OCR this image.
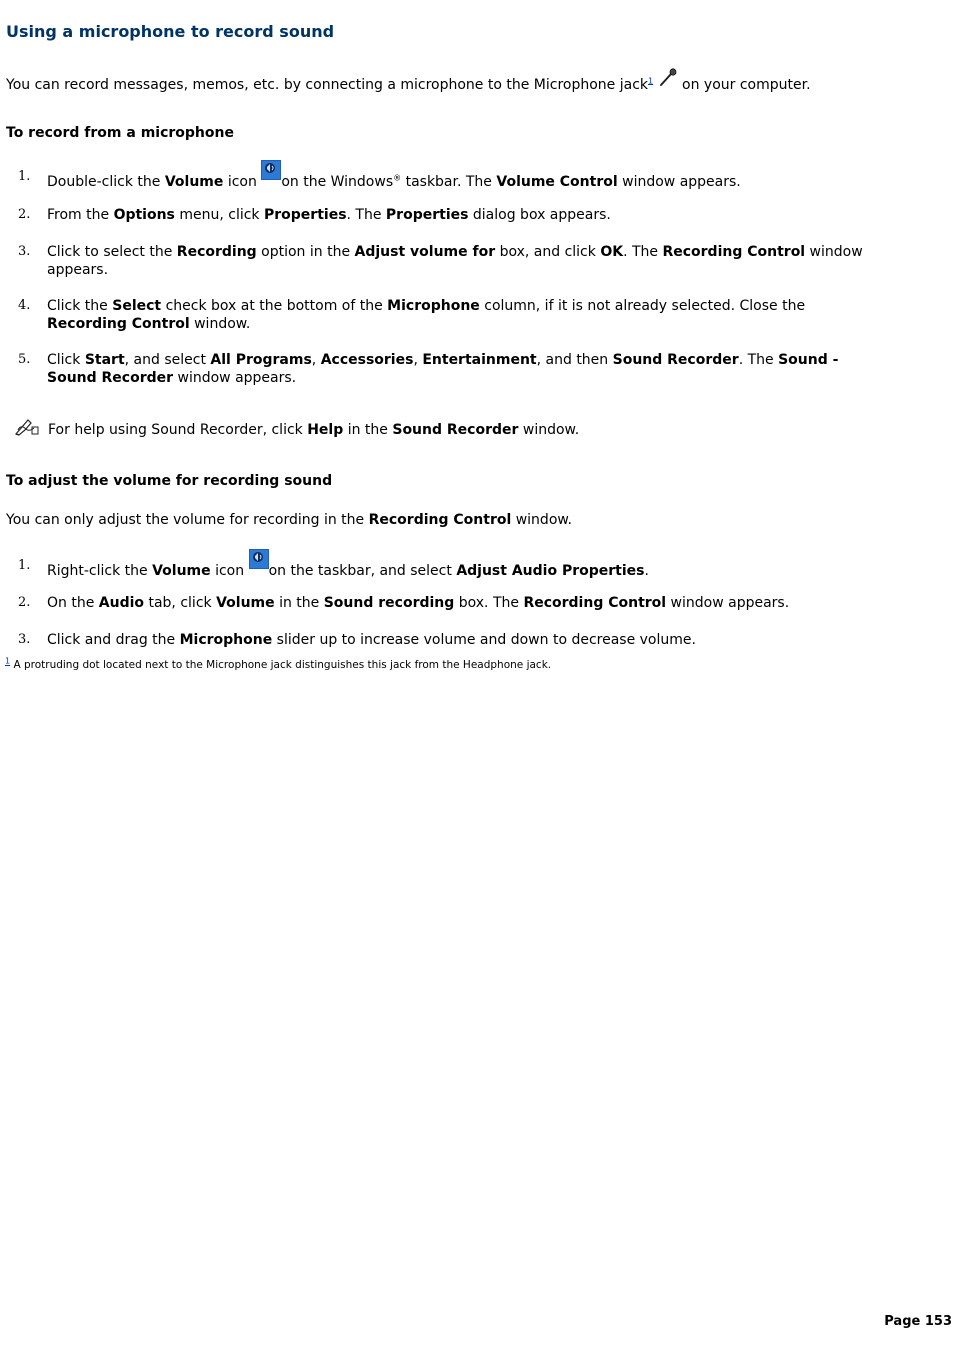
Using a microphone to record sound
You can record messages, memos, etc. by connecting a microphone to the Microphone jack$^1$  on your computer.
To record from a microphone
1. Double-click the Volume icon on the Windows® taskbar. The Volume Control window appears.
2. From the Options menu, click Properties. The Properties dialog box appears.
3. Click to select the Recording option in the Adjust volume for box, and click OK. The Recording Control window
appears.
4. Click the Select check box at the bottom of the Microphone column, if it is not already selected. Close the
Recording Control window.
5. Click Start, and select All Programs, Accessories, Entertainment, and then Sound Recorder. The Sound -
Sound Recorder window appears.
For help using Sound Recorder, click Help in the Sound Recorder window.
To adjust the volume for recording sound
You can only adjust the volume for recording in the Recording Control window.
1. Right-click the Volume icon on the taskbar, and select Adjust Audio Properties.
2. On the Audio tab, click Volume in the Sound recording box. The Recording Control window appears.
3. Click and drag the Microphone slider up to increase volume and down to decrease volume.
$^1$ A protruding dot located next to the Microphone jack distinguishes this jack from the Headphone jack.
Page 153
